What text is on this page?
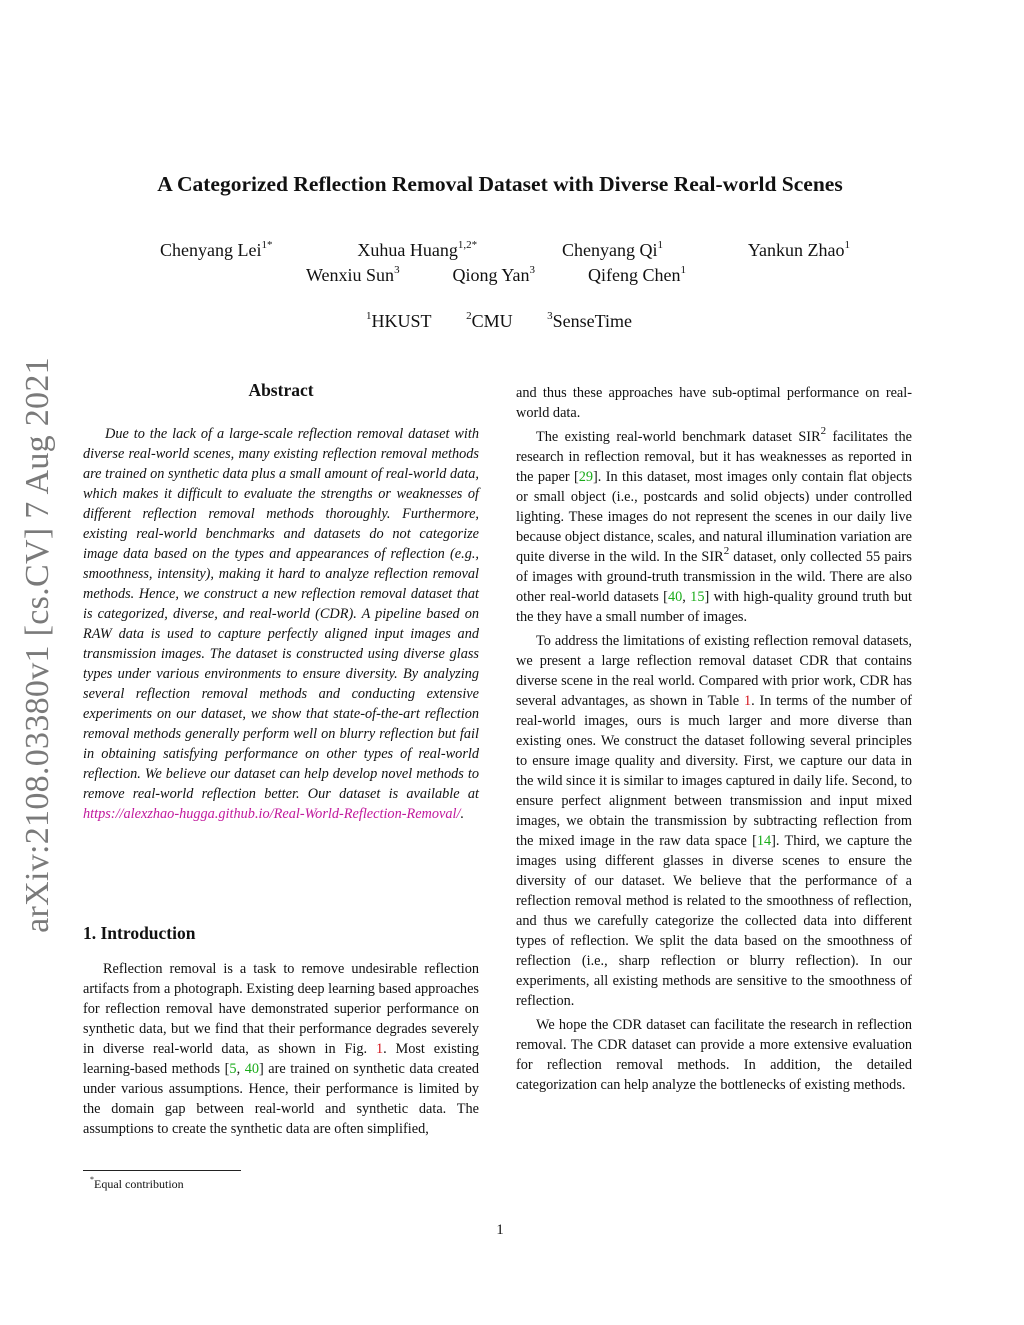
arXiv:2108.03380v1 [cs.CV] 7 Aug 2021
A Categorized Reflection Removal Dataset with Diverse Real-world Scenes
Chenyang Lei$^{1*}$	Xuhua Huang$^{1,2*}$	Chenyang Qi$^1$	Yankun Zhao$^1$
Wenxiu Sun$^3$	Qiong Yan$^3$	Qifeng Chen$^1$
$^1$HKUST	$^2$CMU	$^3$SenseTime
Abstract

Due to the lack of a large-scale reflection removal dataset with diverse real-world scenes, many existing reflection removal methods are trained on synthetic data plus a small amount of real-world data, which makes it difficult to evaluate the strengths or weaknesses of different reflection removal methods thoroughly. Furthermore, existing real-world benchmarks and datasets do not categorize image data based on the types and appearances of reflection (e.g., smoothness, intensity), making it hard to analyze reflection removal methods. Hence, we construct a new reflection removal dataset that is categorized, diverse, and real-world (CDR). A pipeline based on RAW data is used to capture perfectly aligned input images and transmission images. The dataset is constructed using diverse glass types under various environments to ensure diversity. By analyzing several reflection removal methods and conducting extensive experiments on our dataset, we show that state-of-the-art reflection removal methods generally perform well on blurry reflection but fail in obtaining satisfying performance on other types of real-world reflection. We believe our dataset can help develop novel methods to remove real-world reflection better. Our dataset is available at https://alexzhao-hugga.github.io/Real-World-Reflection-Removal/.

1. Introduction

Reflection removal is a task to remove undesirable reflection artifacts from a photograph. Existing deep learning based approaches for reflection removal have demonstrated superior performance on synthetic data, but we find that their performance degrades severely in diverse real-world data, as shown in Fig. 1. Most existing learning-based methods [5, 40] are trained on synthetic data created under various assumptions. Hence, their performance is limited by the domain gap between real-world and synthetic data. The assumptions to create the synthetic data are often simplified,

and thus these approaches have sub-optimal performance on real-world data.

The existing real-world benchmark dataset SIR$^2$ facilitates the research in reflection removal, but it has weaknesses as reported in the paper [29]. In this dataset, most images only contain flat objects or small object (i.e., postcards and solid objects) under controlled lighting. These images do not represent the scenes in our daily live because object distance, scales, and natural illumination variation are quite diverse in the wild. In the SIR$^2$ dataset, only collected 55 pairs of images with ground-truth transmission in the wild. There are also other real-world datasets [40, 15] with high-quality ground truth but the they have a small number of images.

To address the limitations of existing reflection removal datasets, we present a large reflection removal dataset CDR that contains diverse scene in the real world. Compared with prior work, CDR has several advantages, as shown in Table 1. In terms of the number of real-world images, ours is much larger and more diverse than existing ones. We construct the dataset following several principles to ensure image quality and diversity. First, we capture our data in the wild since it is similar to images captured in daily life. Second, to ensure perfect alignment between transmission and input mixed images, we obtain the transmission by subtracting reflection from the mixed image in the raw data space [14]. Third, we capture the images using different glasses in diverse scenes to ensure the diversity of our dataset. We believe that the performance of a reflection removal method is related to the smoothness of reflection, and thus we carefully categorize the collected data into different types of reflection. We split the data based on the smoothness of reflection (i.e., sharp reflection or blurry reflection). In our experiments, all existing methods are sensitive to the smoothness of reflection.

We hope the CDR dataset can facilitate the research in reflection removal. The CDR dataset can provide a more extensive evaluation for reflection removal methods. In addition, the detailed categorization can help analyze the bottlenecks of existing methods.

*Equal contribution
1
